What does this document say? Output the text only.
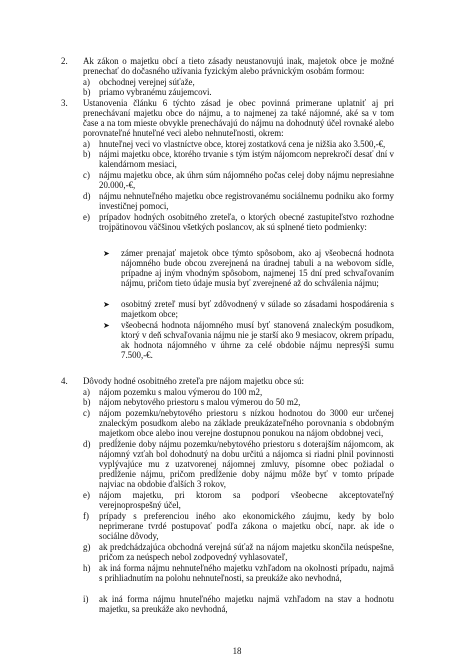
2. Ak zákon o majetku obcí a tieto zásady neustanovujú inak, majetok obce je možné prenechať do dočasného užívania fyzickým alebo právnickým osobám formou:
a) obchodnej verejnej súťaže,
b) priamo vybranému záujemcovi.
3. Ustanovenia článku 6 týchto zásad je obec povinná primerane uplatniť aj pri prenechávaní majetku obce do nájmu, a to najmenej za také nájomné, aké sa v tom čase a na tom mieste obvykle prenechávajú do nájmu na dohodnutý účel rovnaké alebo porovnateľné hnuteľné veci alebo nehnuteľnosti, okrem:
a) hnuteľnej veci vo vlastníctve obce, ktorej zostatková cena je nižšia ako 3.500,-€,
b) nájmi majetku obce, ktorého trvanie s tým istým nájomcom neprekročí desať dní v kalendárnom mesiaci,
c) nájmu majetku obce, ak úhrn súm nájomného počas celej doby nájmu nepresiahne 20.000,-€,
d) nájmu nehnuteľného majetku obce registrovanému sociálnemu podniku ako formy investičnej pomoci,
e) prípadov hodných osobitného zreteľa, o ktorých obecné zastupiteľstvo rozhodne trojpätinovou väčšinou všetkých poslancov, ak sú splnené tieto podmienky:
➤ zámer prenajať majetok obce týmto spôsobom, ako aj všeobecná hodnota nájomného bude obcou zverejnená na úradnej tabuli a na webovom sídle, prípadne aj iným vhodným spôsobom, najmenej 15 dní pred schvaľovaním nájmu, pričom tieto údaje musia byť zverejnené až do schválenia nájmu;
➤ osobitný zreteľ musí byť zdôvodnený v súlade so zásadami hospodárenia s majetkom obce;
➤ všeobecná hodnota nájomného musí byť stanovená znaleckým posudkom, ktorý v deň schvaľovania nájmu nie je starší ako 9 mesiacov, okrem prípadu, ak hodnota nájomného v úhrne za celé obdobie nájmu nepresýši sumu 7.500,-€.
4. Dôvody hodné osobitného zreteľa pre nájom majetku obce sú:
a) nájom pozemku s malou výmerou do 100 m2,
b) nájom nebytového priestoru s malou výmerou do 50 m2,
c) nájom pozemku/nebytového priestoru s nízkou hodnotou do 3000 eur určenej znaleckým posudkom alebo na základe preukázateľného porovnania s obdobným majetkom obce alebo inou verejne dostupnou ponukou na nájom obdobnej veci,
d) predĺženie doby nájmu pozemku/nebytového priestoru s doterajším nájomcom, ak nájomný vzťah bol dohodnutý na dobu určitú a nájomca si riadni plnil povinnosti vyplývajúce mu z uzatvorenej nájomnej zmluvy, písomne obec požiadal o predĺženie nájmu, pričom predĺženie doby nájmu môže byť v tomto prípade najviac na obdobie ďalších 3 rokov,
e) nájom majetku, pri ktorom sa podporí všeobecne akceptovateľný verejnoprospešný účel,
f) prípady s preferenciou iného ako ekonomického záujmu, kedy by bolo neprimerane tvrdé postupovať podľa zákona o majetku obcí, napr. ak ide o sociálne dôvody,
g) ak predchádzajúca obchodná verejná súťaž na nájom majetku skončila neúspešne, pričom za neúspech nebol zodpovedný vyhlasovateľ,
h) ak iná forma nájmu nehnuteľného majetku vzhľadom na okolnosti prípadu, najmä s prihliadnutím na polohu nehnuteľnosti, sa preukáže ako nevhodná,
i) ak iná forma nájmu hnuteľného majetku najmä vzhľadom na stav a hodnotu majetku, sa preukáže ako nevhodná,
18
